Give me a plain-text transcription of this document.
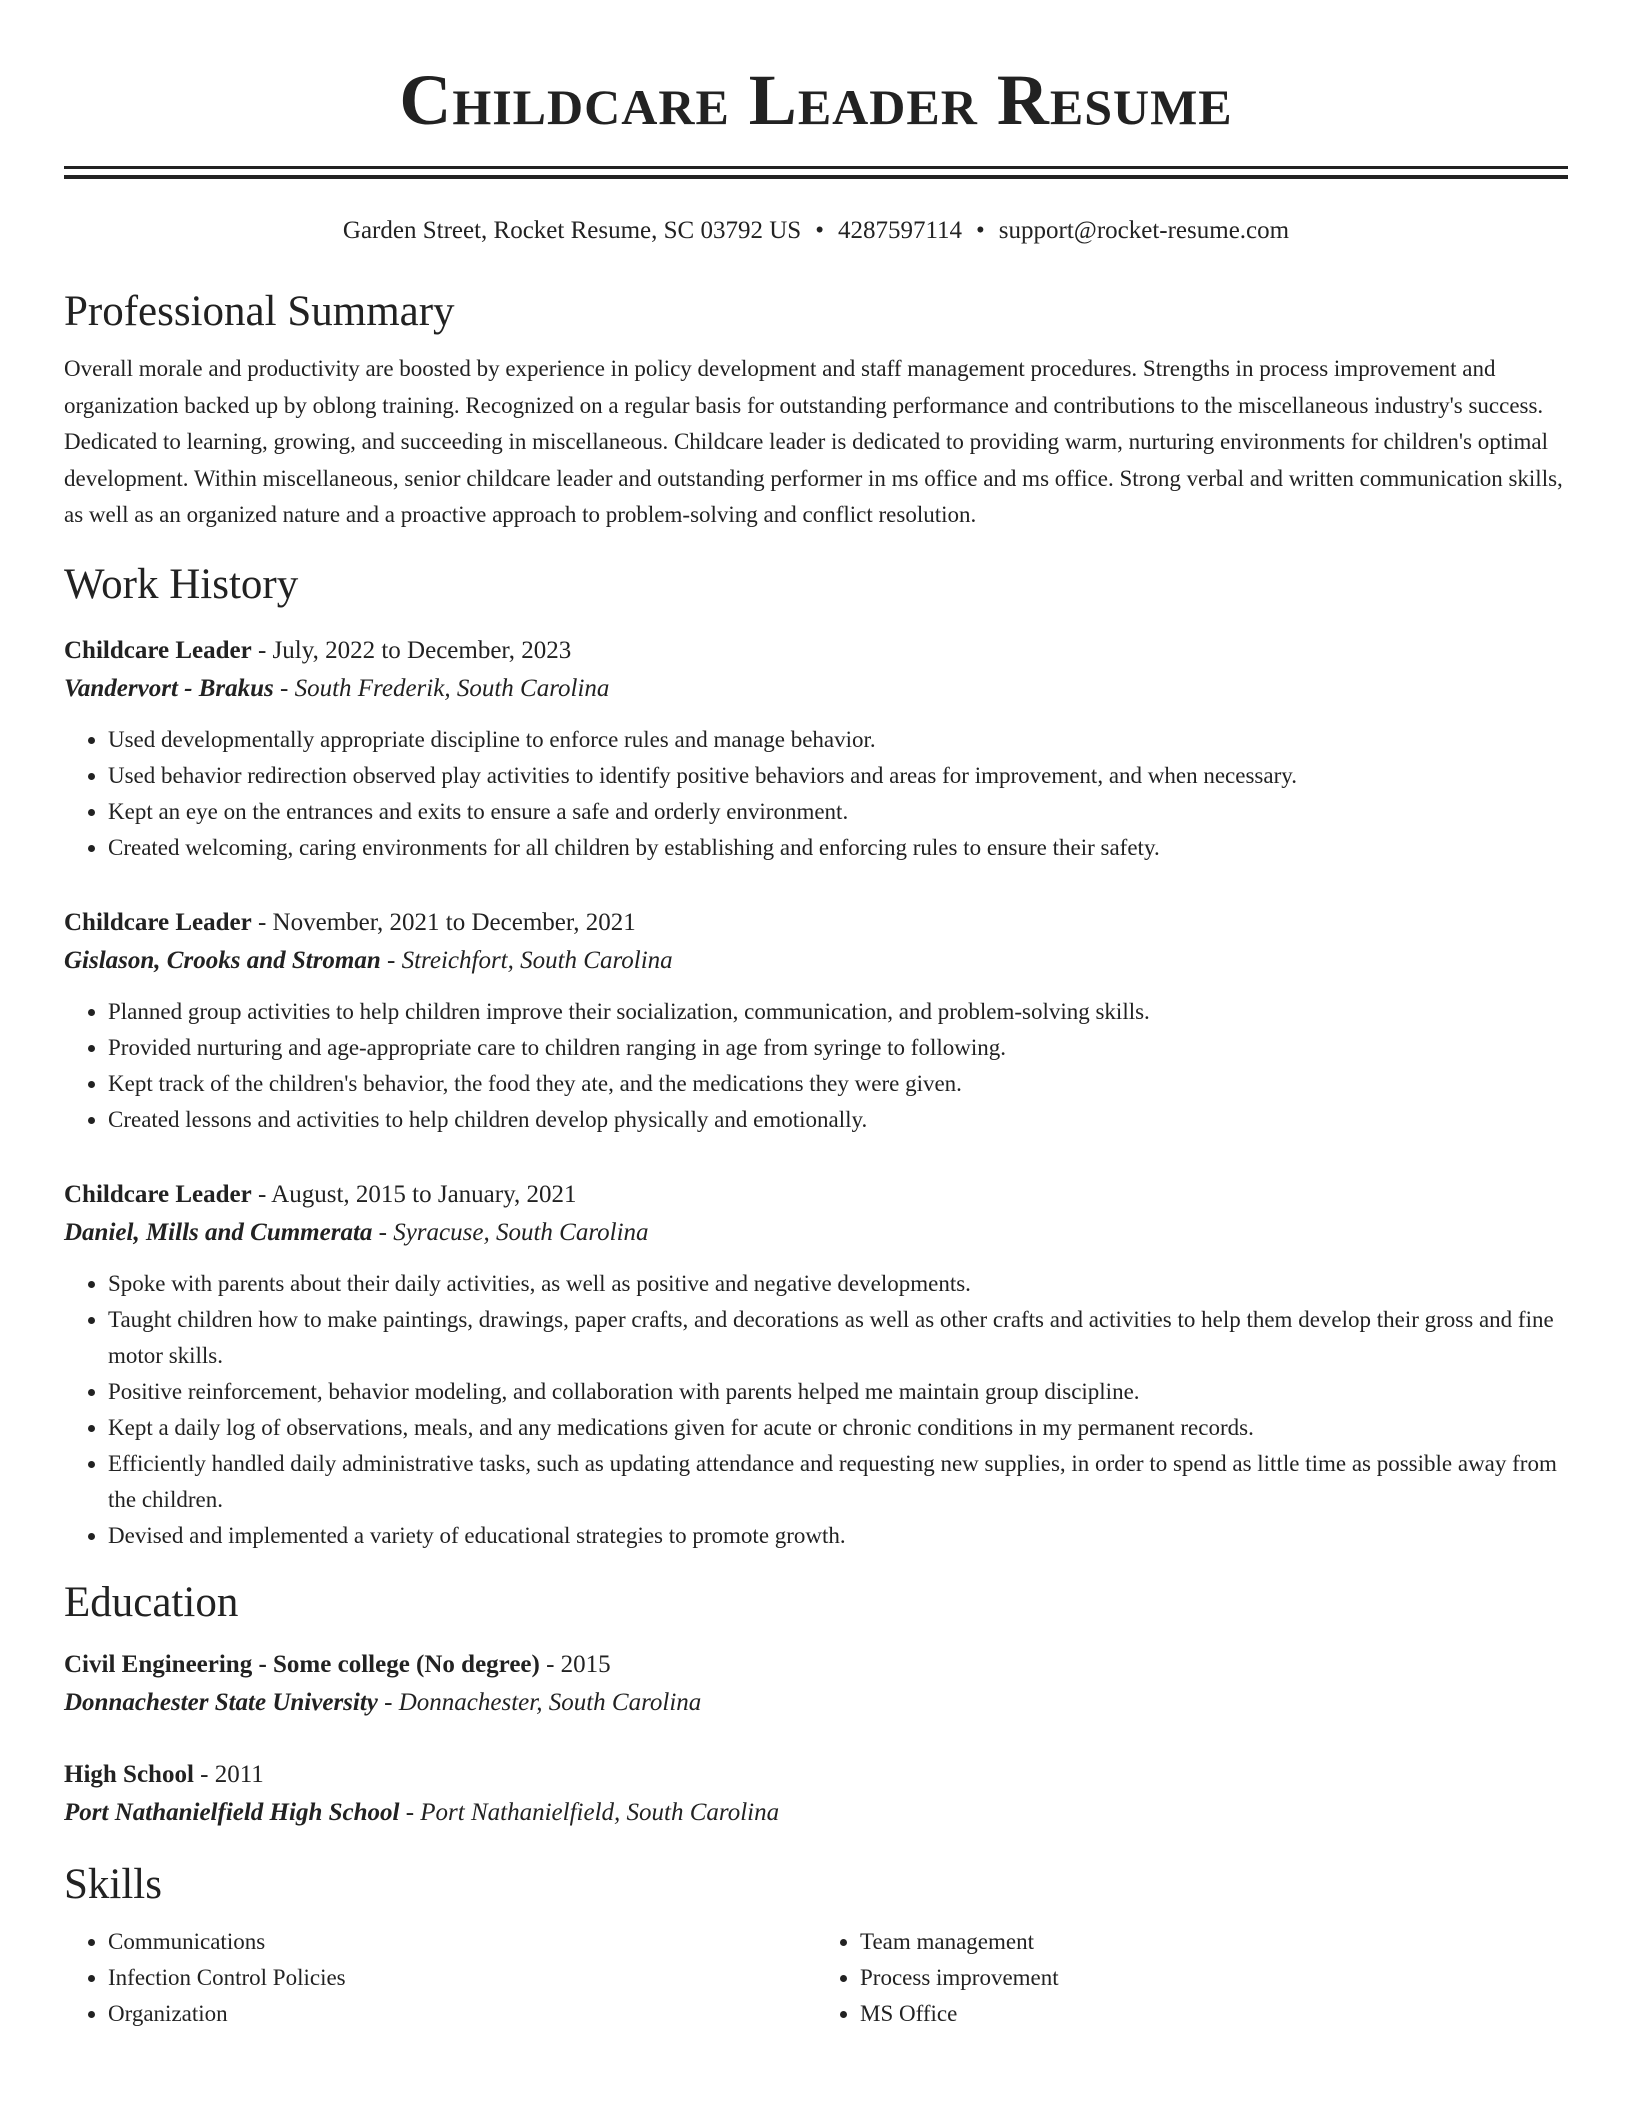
Childcare Leader Resume
Garden Street, Rocket Resume, SC 03792 US • 4287597114 • support@rocket-resume.com
Professional Summary

Overall morale and productivity are boosted by experience in policy development and staff management procedures. Strengths in process improvement and organization backed up by oblong training. Recognized on a regular basis for outstanding performance and contributions to the miscellaneous industry's success. Dedicated to learning, growing, and succeeding in miscellaneous. Childcare leader is dedicated to providing warm, nurturing environments for children's optimal development. Within miscellaneous, senior childcare leader and outstanding performer in ms office and ms office. Strong verbal and written communication skills, as well as an organized nature and a proactive approach to problem-solving and conflict resolution.

Work History
Childcare Leader - July, 2022 to December, 2023
Vandervort - Brakus - South Frederik, South Carolina
• Used developmentally appropriate discipline to enforce rules and manage behavior.
• Used behavior redirection observed play activities to identify positive behaviors and areas for improvement, and when necessary.
• Kept an eye on the entrances and exits to ensure a safe and orderly environment.
• Created welcoming, caring environments for all children by establishing and enforcing rules to ensure their safety.
Childcare Leader - November, 2021 to December, 2021
Gislason, Crooks and Stroman - Streichfort, South Carolina
• Planned group activities to help children improve their socialization, communication, and problem-solving skills.
• Provided nurturing and age-appropriate care to children ranging in age from syringe to following.
• Kept track of the children's behavior, the food they ate, and the medications they were given.
• Created lessons and activities to help children develop physically and emotionally.
Childcare Leader - August, 2015 to January, 2021
Daniel, Mills and Cummerata - Syracuse, South Carolina
• Spoke with parents about their daily activities, as well as positive and negative developments.
• Taught children how to make paintings, drawings, paper crafts, and decorations as well as other crafts and activities to help them develop their gross and fine motor skills.
• Positive reinforcement, behavior modeling, and collaboration with parents helped me maintain group discipline.
• Kept a daily log of observations, meals, and any medications given for acute or chronic conditions in my permanent records.
• Efficiently handled daily administrative tasks, such as updating attendance and requesting new supplies, in order to spend as little time as possible away from the children.
• Devised and implemented a variety of educational strategies to promote growth.
Education
Civil Engineering - Some college (No degree) - 2015
Donnachester State University - Donnachester, South Carolina
High School - 2011
Port Nathanielfield High School - Port Nathanielfield, South Carolina
Skills
• Communications
• Infection Control Policies
• Organization
• Team management
• Process improvement
• MS Office
